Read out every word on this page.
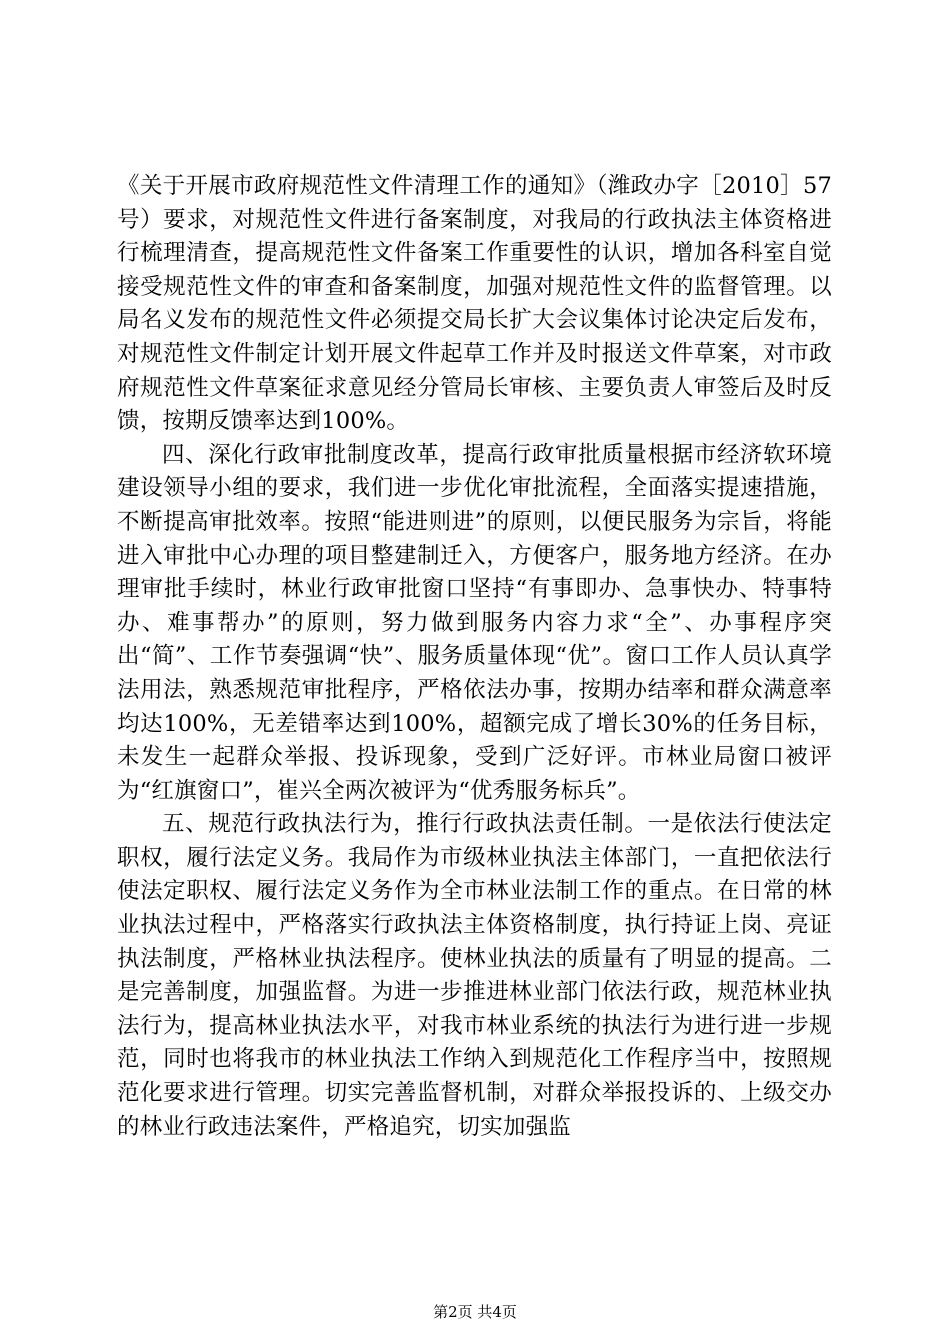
《关于开展市政府规范性文件清理工作的通知》（潍政办字［2010］57号）要求，对规范性文件进行备案制度，对我局的行政执法主体资格进行梳理清查，提高规范性文件备案工作重要性的认识，增加各科室自觉接受规范性文件的审查和备案制度，加强对规范性文件的监督管理。以局名义发布的规范性文件必须提交局长扩大会议集体讨论决定后发布，对规范性文件制定计划开展文件起草工作并及时报送文件草案，对市政府规范性文件草案征求意见经分管局长审核、主要负责人审签后及时反馈，按期反馈率达到100%。

四、深化行政审批制度改革，提高行政审批质量根据市经济软环境建设领导小组的要求，我们进一步优化审批流程，全面落实提速措施，不断提高审批效率。按照“能进则进”的原则，以便民服务为宗旨，将能进入审批中心办理的项目整建制迁入，方便客户，服务地方经济。在办理审批手续时，林业行政审批窗口坚持“有事即办、急事快办、特事特办、难事帮办”的原则，努力做到服务内容力求“全”、办事程序突出“简”、工作节奏强调“快”、服务质量体现“优”。窗口工作人员认真学法用法，熟悉规范审批程序，严格依法办事，按期办结率和群众满意率均达100%，无差错率达到100%，超额完成了增长30%的任务目标，未发生一起群众举报、投诉现象，受到广泛好评。市林业局窗口被评为“红旗窗口”，崔兴全两次被评为“优秀服务标兵”。

五、规范行政执法行为，推行行政执法责任制。一是依法行使法定职权，履行法定义务。我局作为市级林业执法主体部门，一直把依法行使法定职权、履行法定义务作为全市林业法制工作的重点。在日常的林业执法过程中，严格落实行政执法主体资格制度，执行持证上岗、亮证执法制度，严格林业执法程序。使林业执法的质量有了明显的提高。二是完善制度，加强监督。为进一步推进林业部门依法行政，规范林业执法行为，提高林业执法水平，对我市林业系统的执法行为进行进一步规范，同时也将我市的林业执法工作纳入到规范化工作程序当中，按照规范化要求进行管理。切实完善监督机制，对群众举报投诉的、上级交办的林业行政违法案件，严格追究，切实加强监

第2页 共4页
